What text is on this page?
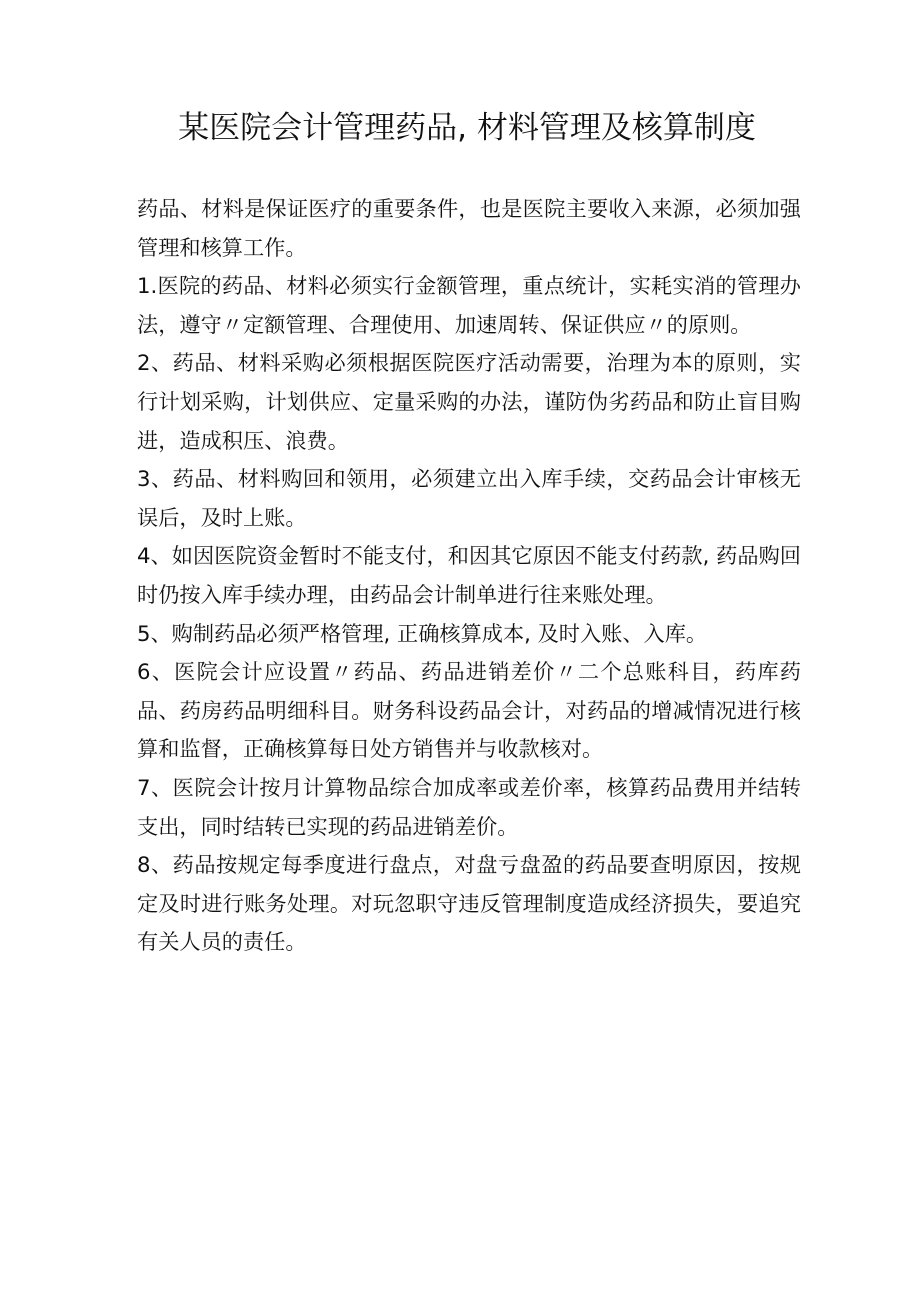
某医院会计管理药品, 材料管理及核算制度

药品、材料是保证医疗的重要条件，也是医院主要收入来源，必须加强管理和核算工作。

1.医院的药品、材料必须实行金额管理，重点统计，实耗实消的管理办法，遵守〃定额管理、合理使用、加速周转、保证供应〃的原则。

2、药品、材料采购必须根据医院医疗活动需要，治理为本的原则，实行计划采购，计划供应、定量采购的办法，谨防伪劣药品和防止盲目购进，造成积压、浪费。

3、药品、材料购回和领用，必须建立出入库手续，交药品会计审核无误后，及时上账。

4、如因医院资金暂时不能支付，和因其它原因不能支付药款, 药品购回时仍按入库手续办理，由药品会计制单进行往来账处理。

5、购制药品必须严格管理, 正确核算成本, 及时入账、入库。

6、医院会计应设置〃药品、药品进销差价〃二个总账科目，药库药品、药房药品明细科目。财务科设药品会计，对药品的增减情况进行核算和监督，正确核算每日处方销售并与收款核对。

7、医院会计按月计算物品综合加成率或差价率，核算药品费用并结转支出，同时结转已实现的药品进销差价。

8、药品按规定每季度进行盘点，对盘亏盘盈的药品要查明原因，按规定及时进行账务处理。对玩忽职守违反管理制度造成经济损失，要追究有关人员的责任。
